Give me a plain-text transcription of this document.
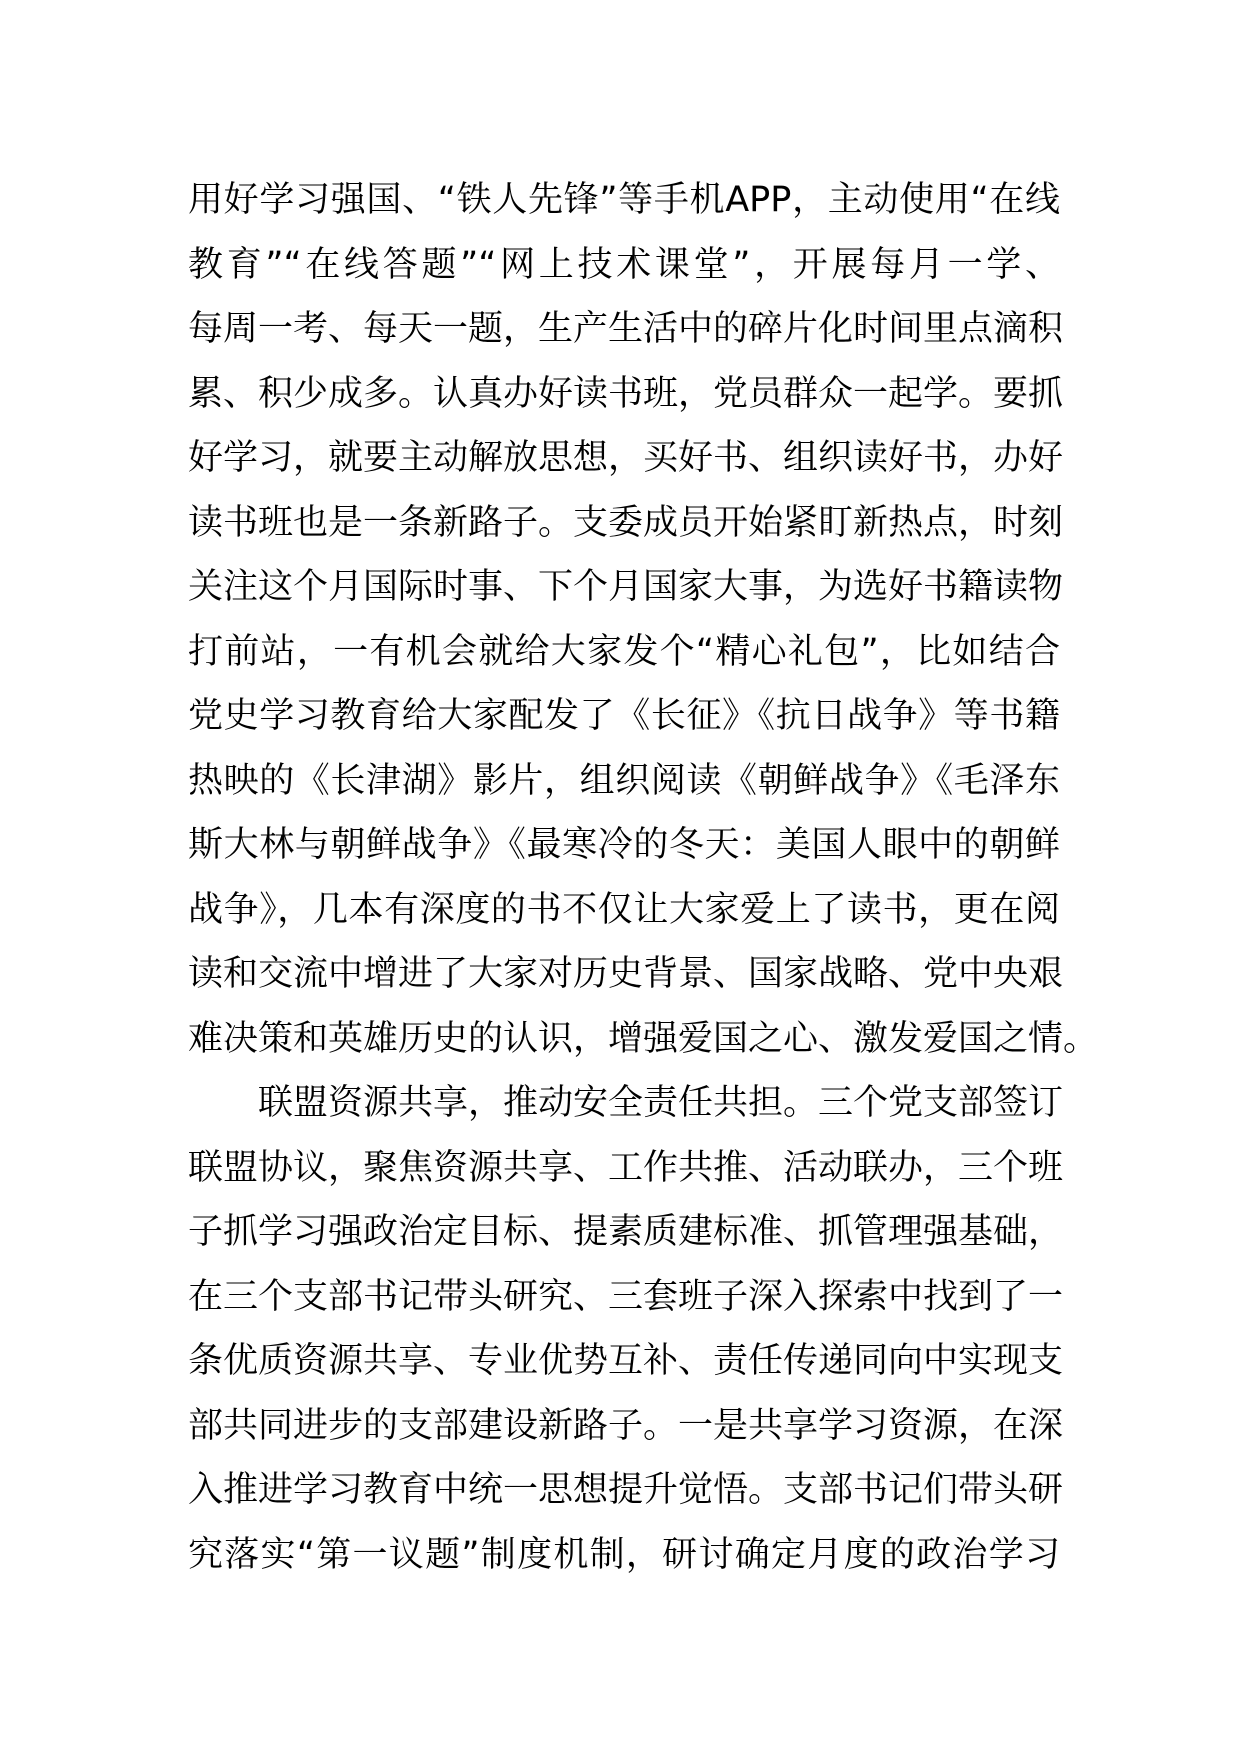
用好学习强国、“铁人先锋”等手机APP，主动使用“在线
教育”“在线答题”“网上技术课堂”，开展每月一学、
每周一考、每天一题，生产生活中的碎片化时间里点滴积
累、积少成多。认真办好读书班，党员群众一起学。要抓
好学习，就要主动解放思想，买好书、组织读好书，办好
读书班也是一条新路子。支委成员开始紧盯新热点，时刻
关注这个月国际时事、下个月国家大事，为选好书籍读物
打前站，一有机会就给大家发个“精心礼包”，比如结合
党史学习教育给大家配发了《长征》《抗日战争》等书籍
热映的《长津湖》影片，组织阅读《朝鲜战争》《毛泽东
斯大林与朝鲜战争》《最寒冷的冬天：美国人眼中的朝鲜
战争》，几本有深度的书不仅让大家爱上了读书，更在阅
读和交流中增进了大家对历史背景、国家战略、党中央艰
难决策和英雄历史的认识，增强爱国之心、激发爱国之情。
联盟资源共享，推动安全责任共担。三个党支部签订
联盟协议，聚焦资源共享、工作共推、活动联办，三个班
子抓学习强政治定目标、提素质建标准、抓管理强基础，
在三个支部书记带头研究、三套班子深入探索中找到了一
条优质资源共享、专业优势互补、责任传递同向中实现支
部共同进步的支部建设新路子。一是共享学习资源，在深
入推进学习教育中统一思想提升觉悟。支部书记们带头研
究落实“第一议题”制度机制，研讨确定月度的政治学习
